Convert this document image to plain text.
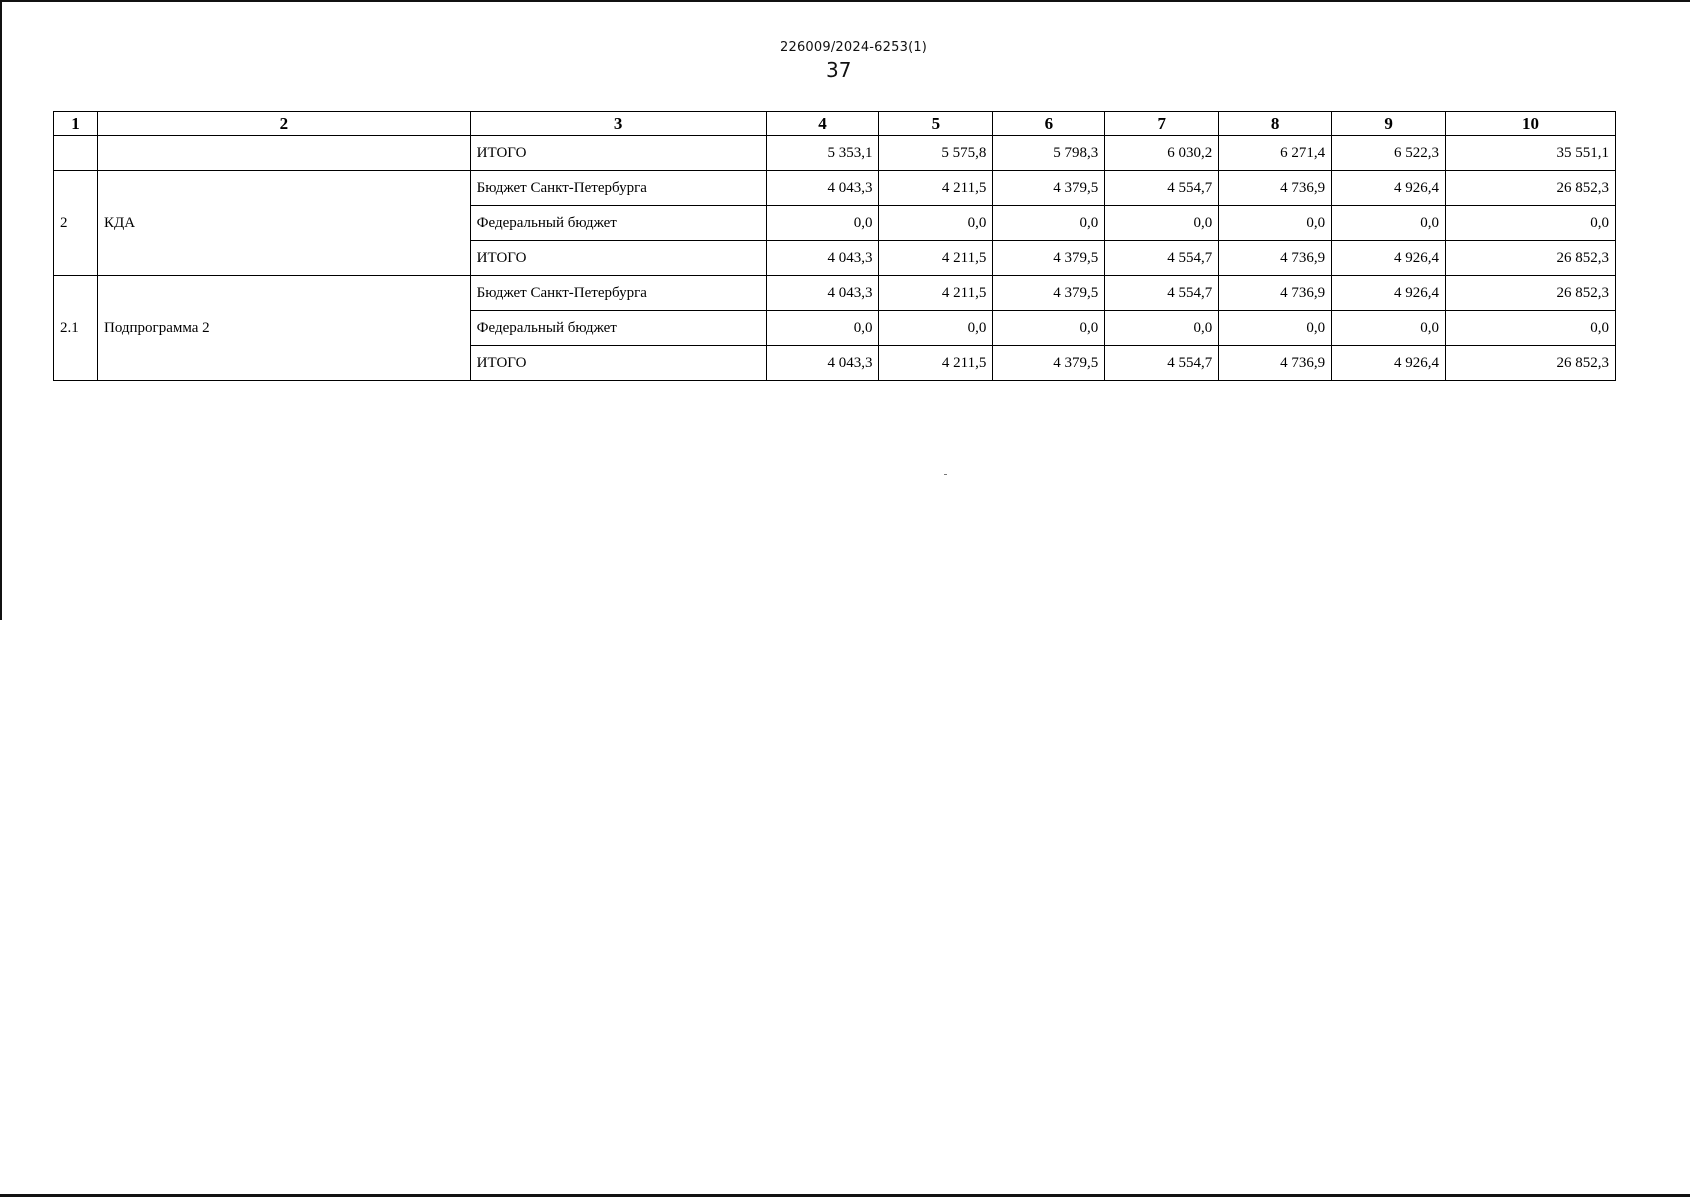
226009/2024-6253(1)
37
1	2	3	4	5	6	7	8	9	10
		ИТОГО	5 353,1	5 575,8	5 798,3	6 030,2	6 271,4	6 522,3	35 551,1
2	КДА	Бюджет Санкт-Петербурга	4 043,3	4 211,5	4 379,5	4 554,7	4 736,9	4 926,4	26 852,3
		Федеральный бюджет	0,0	0,0	0,0	0,0	0,0	0,0	0,0
		ИТОГО	4 043,3	4 211,5	4 379,5	4 554,7	4 736,9	4 926,4	26 852,3
2.1	Подпрограмма 2	Бюджет Санкт-Петербурга	4 043,3	4 211,5	4 379,5	4 554,7	4 736,9	4 926,4	26 852,3
		Федеральный бюджет	0,0	0,0	0,0	0,0	0,0	0,0	0,0
		ИТОГО	4 043,3	4 211,5	4 379,5	4 554,7	4 736,9	4 926,4	26 852,3
